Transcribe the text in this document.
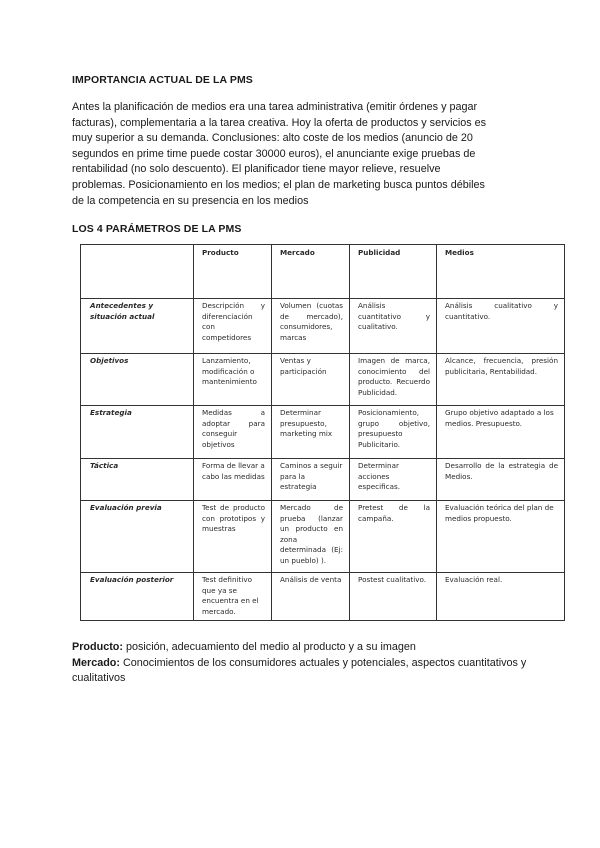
IMPORTANCIA ACTUAL DE LA PMS

Antes la planificación de medios era una tarea administrativa (emitir órdenes y pagar
facturas), complementaria a la tarea creativa. Hoy la oferta de productos y servicios es
muy superior a su demanda. Conclusiones: alto coste de los medios (anuncio de 20
segundos en prime time puede costar 30000 euros), el anunciante exige pruebas de
rentabilidad (no solo descuento). El planificador tiene mayor relieve, resuelve
problemas. Posicionamiento en los medios; el plan de marketing busca puntos débiles
de la competencia en su presencia en los medios

LOS 4 PARÁMETROS DE LA PMS
	Producto	Mercado	Publicidad	Medios
Antecedentes y situación actual	Descripción y diferenciación con competidores	Volumen (cuotas de mercado), consumidores, marcas	Análisis cuantitativo y cualitativo.	Análisis cualitativo y cuantitativo.
Objetivos	Lanzamiento, modificación o mantenimiento	Ventas y participación	Imagen de marca, conocimiento del producto. Recuerdo Publicidad.	Alcance, frecuencia, presión publicitaria, Rentabilidad.
Estrategia	Medidas a adoptar para conseguir objetivos	Determinar presupuesto, marketing mix	Posicionamiento, grupo objetivo, presupuesto Publicitario.	Grupo objetivo adaptado a los medios. Presupuesto.
Táctica	Forma de llevar a cabo las medidas	Caminos a seguir para la estrategia	Determinar acciones especificas.	Desarrollo de la estrategia de Medios.
Evaluación previa	Test de producto con prototipos y muestras	Mercado de prueba (lanzar un producto en zona determinada (Ej: un pueblo) ).	Pretest de la campaña.	Evaluación teórica del plan de medios propuesto.
Evaluación posterior	Test definitivo que ya se encuentra en el mercado.	Análisis de venta	Postest cualitativo.	Evaluación real.
Producto: posición, adecuamiento del medio al producto y a su imagen
Mercado: Conocimientos de los consumidores actuales y potenciales, aspectos cuantitativos y cualitativos
